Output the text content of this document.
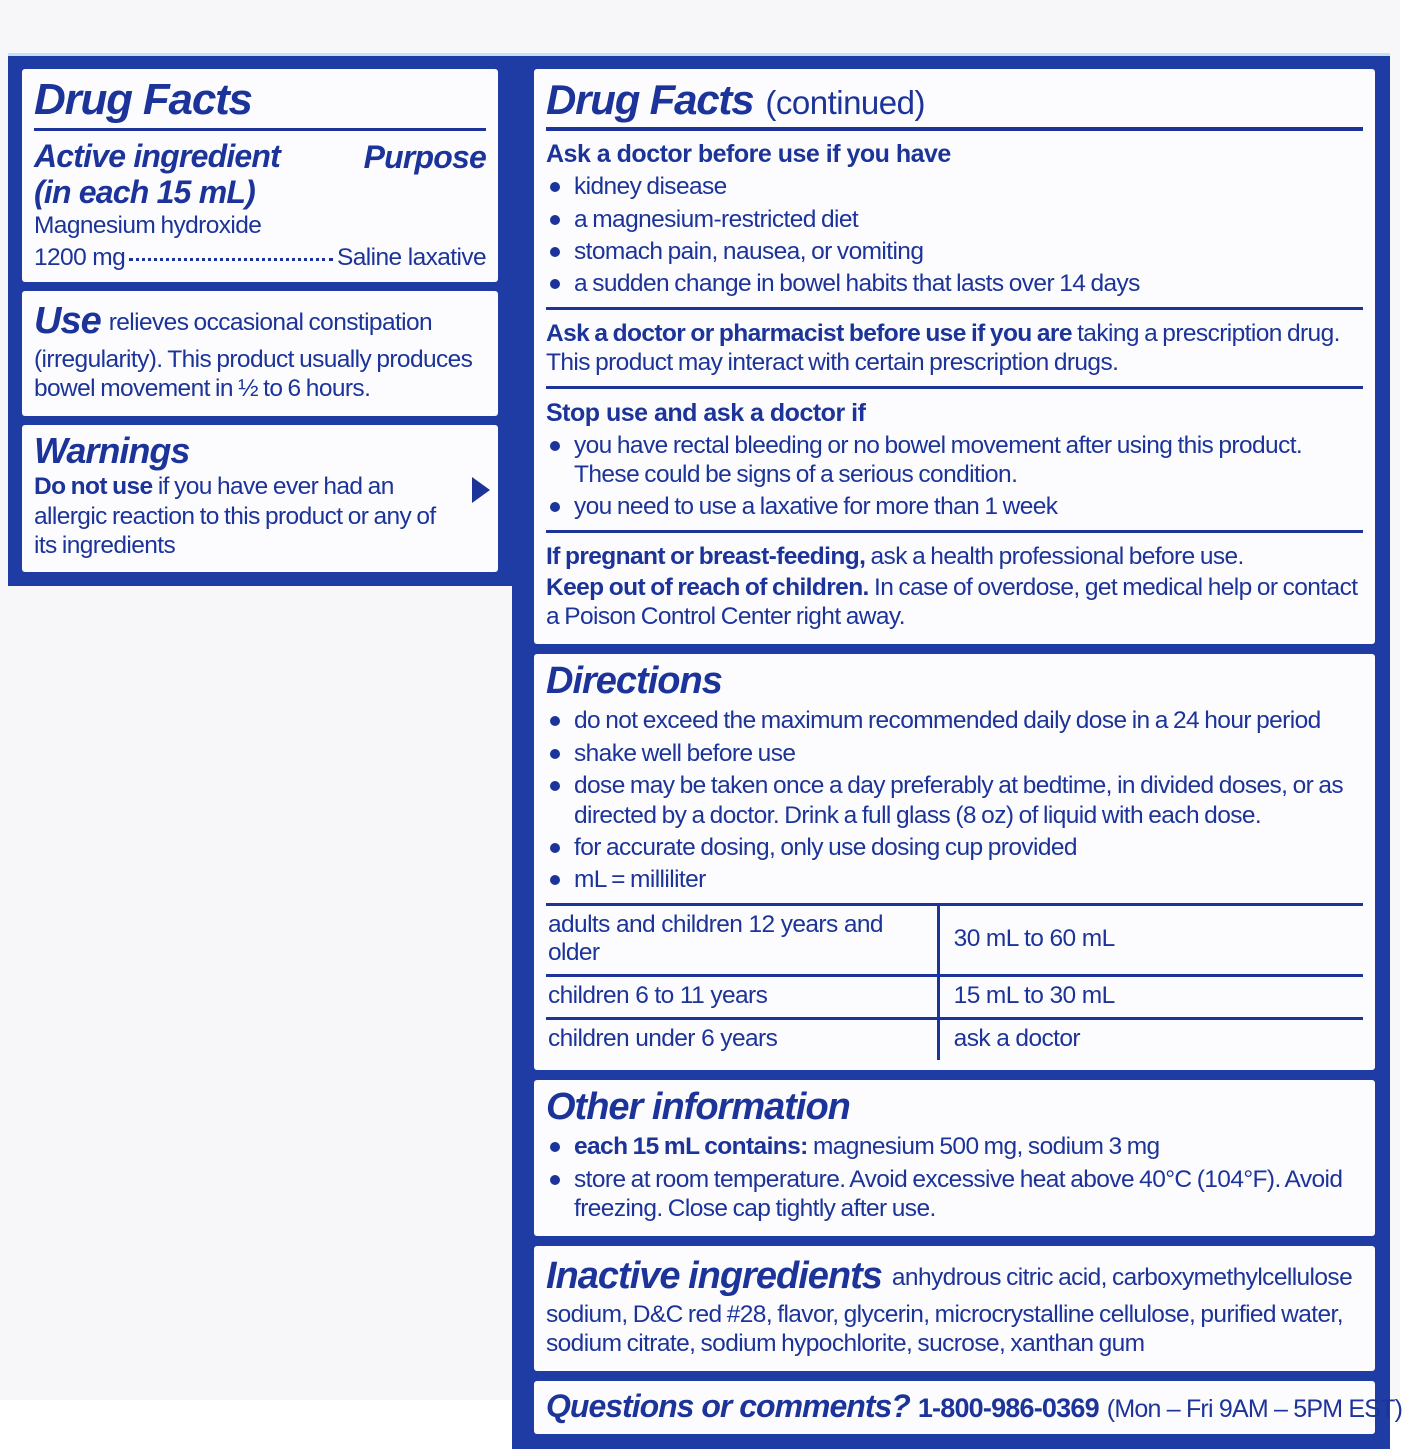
Drug Facts
Active ingredient
(in each 15 mL)
Purpose
Magnesium hydroxide
1200 mg	Saline laxative

Use relieves occasional constipation (irregularity). This product usually produces bowel movement in ½ to 6 hours.

Warnings

Do not use if you have ever had an allergic reaction to this product or any of its ingredients

Drug Facts (continued)
Ask a doctor before use if you have
kidney disease
a magnesium-restricted diet
stomach pain, nausea, or vomiting
a sudden change in bowel habits that lasts over 14 days

Ask a doctor or pharmacist before use if you are taking a prescription drug. This product may interact with certain prescription drugs.

Stop use and ask a doctor if
you have rectal bleeding or no bowel movement after using this product. These could be signs of a serious condition.
you need to use a laxative for more than 1 week

If pregnant or breast-feeding, ask a health professional before use.

Keep out of reach of children. In case of overdose, get medical help or contact a Poison Control Center right away.

Directions
do not exceed the maximum recommended daily dose in a 24 hour period
shake well before use
dose may be taken once a day preferably at bedtime, in divided doses, or as directed by a doctor. Drink a full glass (8 oz) of liquid with each dose.
for accurate dosing, only use dosing cup provided
mL = milliliter
adults and children 12 years and older	30 mL to 60 mL
children 6 to 11 years	15 mL to 30 mL
children under 6 years	ask a doctor
Other information
each 15 mL contains: magnesium 500 mg, sodium 3 mg
store at room temperature. Avoid excessive heat above 40°C (104°F). Avoid freezing. Close cap tightly after use.

Inactive ingredients anhydrous citric acid, carboxymethylcellulose sodium, D&C red #28, flavor, glycerin, microcrystalline cellulose, purified water, sodium citrate, sodium hypochlorite, sucrose, xanthan gum

Questions or comments? 1-800-986-0369 (Mon – Fri 9AM – 5PM EST)
